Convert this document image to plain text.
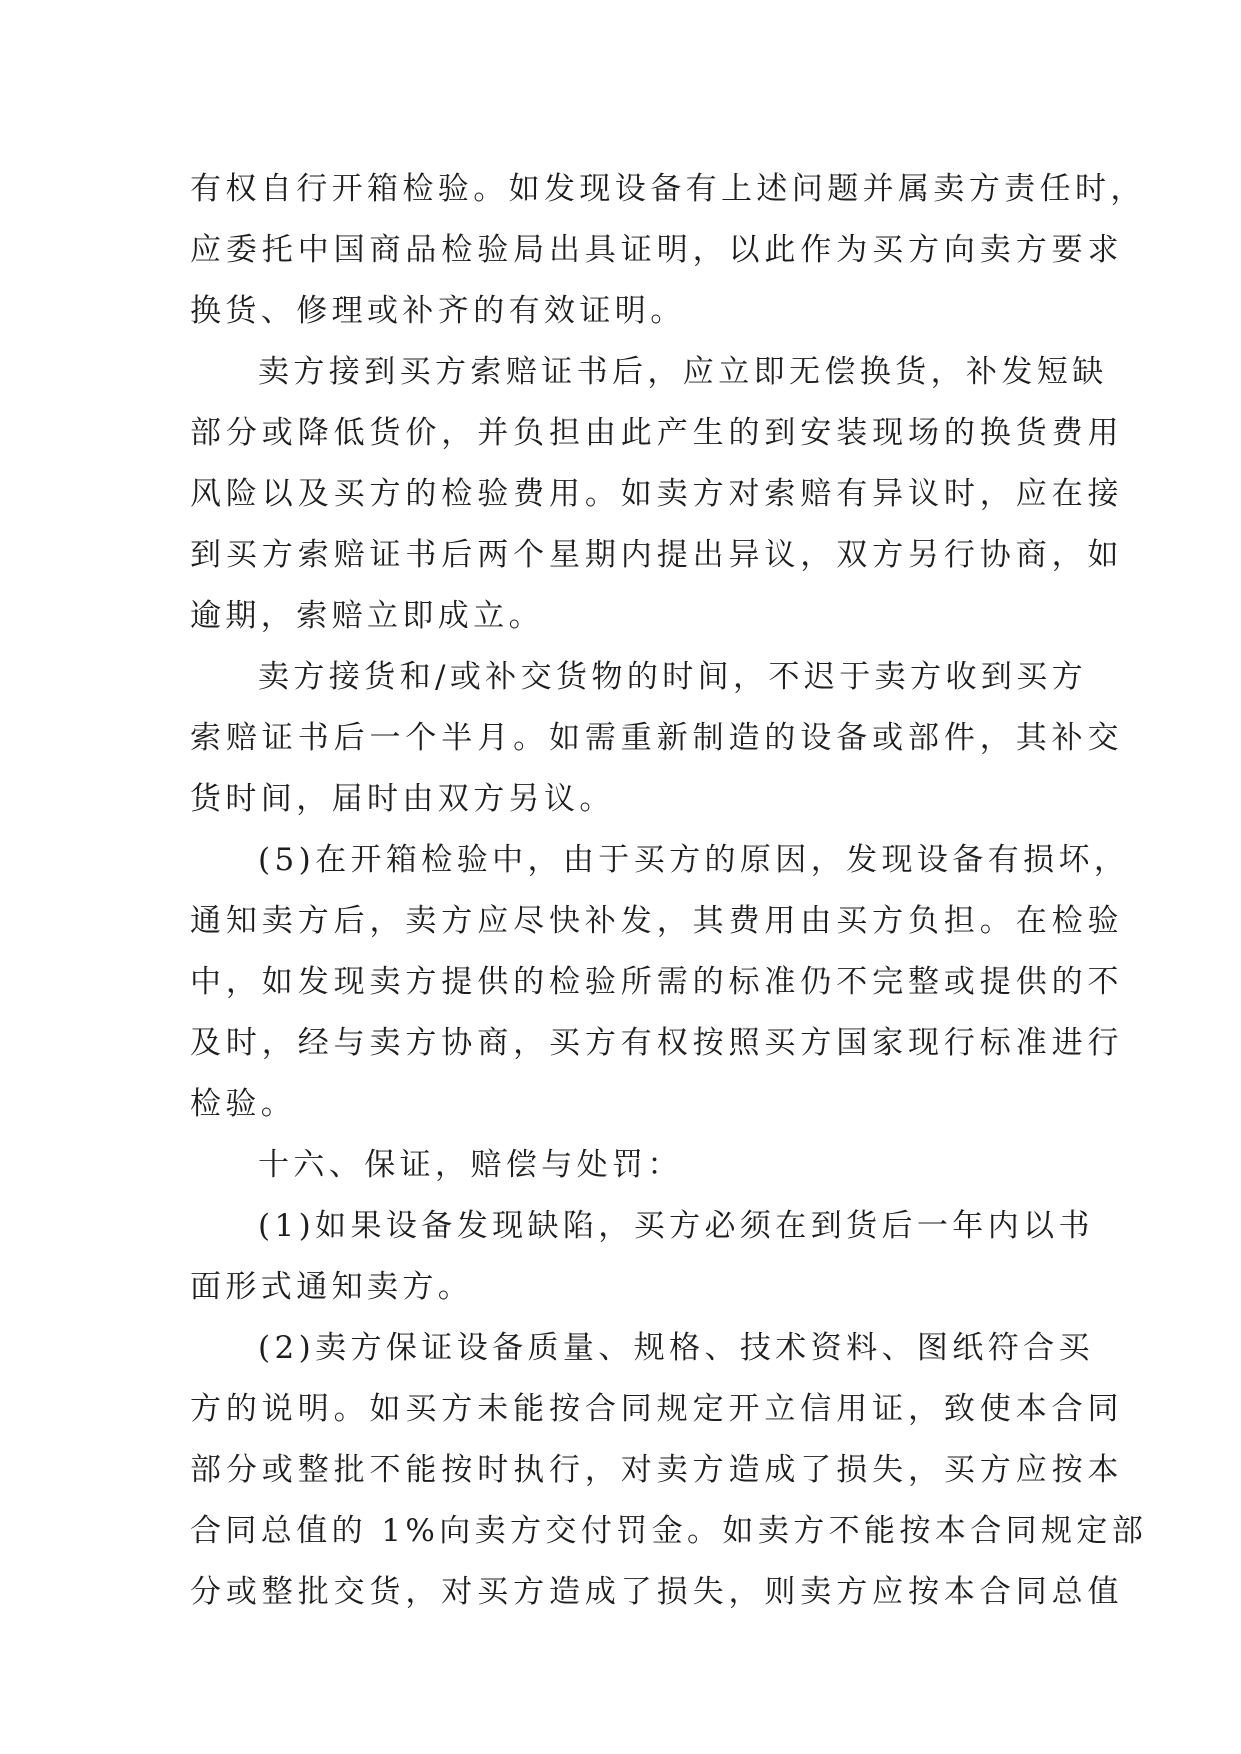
有权自行开箱检验。如发现设备有上述问题并属卖方责任时，
应委托中国商品检验局出具证明，以此作为买方向卖方要求
换货、修理或补齐的有效证明。
卖方接到买方索赔证书后，应立即无偿换货，补发短缺
部分或降低货价，并负担由此产生的到安装现场的换货费用
风险以及买方的检验费用。如卖方对索赔有异议时，应在接
到买方索赔证书后两个星期内提出异议，双方另行协商，如
逾期，索赔立即成立。
卖方接货和/或补交货物的时间，不迟于卖方收到买方
索赔证书后一个半月。如需重新制造的设备或部件，其补交
货时间，届时由双方另议。
(5)在开箱检验中，由于买方的原因，发现设备有损坏，
通知卖方后，卖方应尽快补发，其费用由买方负担。在检验
中，如发现卖方提供的检验所需的标准仍不完整或提供的不
及时，经与卖方协商，买方有权按照买方国家现行标准进行
检验。
十六、保证，赔偿与处罚：
(1)如果设备发现缺陷，买方必须在到货后一年内以书
面形式通知卖方。
(2)卖方保证设备质量、规格、技术资料、图纸符合买
方的说明。如买方未能按合同规定开立信用证，致使本合同
部分或整批不能按时执行，对卖方造成了损失，买方应按本
合同总值的 1%向卖方交付罚金。如卖方不能按本合同规定部
分或整批交货，对买方造成了损失，则卖方应按本合同总值
